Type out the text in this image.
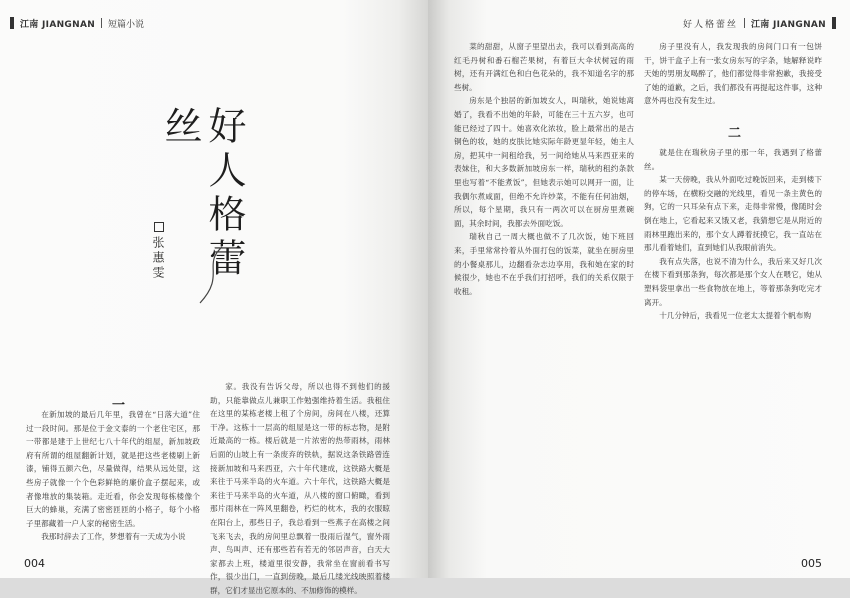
江南 JIANGNAN 短篇小说
好人格蕾丝
张惠雯
一

在新加坡的最后几年里，我曾在“日落大道”住过一段时间。那是位于金文泰的一个老住宅区，那一带都是建于上世纪七八十年代的组屋，新加坡政府有所谓的组屋翻新计划，就是把这些老楼刷上新漆，铺得五颜六色，尽量做得，结果从远处望，这些房子就像一个个色彩鲜艳的廉价盒子摆起来，或者像堆放的集装箱。走近看，你会发现每栋楼像个巨大的蜂巢，充满了密密匝匝的小格子，每个小格子里都藏着一户人家的秘密生活。

我那时辞去了工作，梦想着有一天成为小说

家。我没有告诉父母，所以也得不到他们的援助，只能靠做点儿兼职工作勉强维持着生活。我租住在这里的某栋老楼上租了个房间，房间在八楼，还算干净。这栋十一层高的组屋是这一带的标志物，是附近最高的一栋。楼后就是一片浓密的热带雨林，雨林后面的山坡上有一条废弃的铁轨，据说这条铁路曾连接新加坡和马来西亚，六十年代建成，这铁路大概是来往于马来半岛的火车道。六十年代，这铁路大概是来往于马来半岛的火车道，从八楼的窗口俯瞰，看到那片雨林在一阵风里翻卷，朽烂的枕木，我的衣服晾在阳台上，那些日子，我总看到一些燕子在高楼之间飞来飞去，我的房间里总飘着一股雨后湿气，窗外雨声、鸟叫声、还有那些若有若无的邻居声音，白天大家都去上班，楼道里很安静，我常坐在窗前看书写作，很少出门，一直到傍晚，最后几缕光线映照着楼群，它们才显出它原本的、不加修饰的模样。

004
好人格蕾丝 江南 JIANGNAN

菜的甜甜，从窗子里望出去，我可以看到高高的红毛丹树和番石榴芒果树，有着巨大伞状树冠的雨树，还有开满红色和白色花朵的，我不知道名字的那些树。

房东是个独居的新加坡女人，叫瑞秋，她说她离婚了，我看不出她的年龄，可能在三十五六岁，也可能已经过了四十。她喜欢化浓妆，脸上最常出的是古铜色的妆，她的皮肤比她实际年龄更显年轻，她主人房，把其中一间租给我，另一间给她从马来西亚来的表妹住，和大多数新加坡房东一样，瑞秋的租约条款里也写着“不能煮饭”，但她表示她可以网开一面，让我偶尔煮咸面，但绝不允许炒菜，不能有任何油烟，所以，每个星期，我只有一两次可以在厨房里煮碗面，其余时间，我都去外面吃饭。

瑞秋自己一周大概也做不了几次饭，她下班回来，手里常常拎着从外面打包的饭菜，就坐在厨房里的小餐桌那儿，边翻看杂志边享用，我和她在家的时候很少，她也不在乎我们打招呼，我们的关系仅限于收租。

房子里没有人，我发现我的房间门口有一包饼干，饼干盒子上有一张女房东写的字条，她解释说昨天她的男朋友喝醉了，他们都觉得非常抱歉，我接受了她的道歉，之后，我们都没有再提起这件事，这种意外再也没有发生过。

二

就是住在瑞秋房子里的那一年，我遇到了格蕾丝。

某一天傍晚，我从外面吃过晚饭回来，走到楼下的停车场，在横粉交融的光线里，看见一条主黄色的狗，它的一只耳朵有点下来，走得非常慢，像随时会倒在地上，它看起来又饿又老，我猜想它是从附近的雨林里跑出来的，那个女人蹲着抚摸它，我一直站在那儿看着她们，直到她们从我眼前消失。

我有点失落，也说不清为什么，我后来又好几次在楼下看到那条狗，每次都是那个女人在喂它，她从塑料袋里拿出一些食物放在地上，等着那条狗吃完才离开。

十几分钟后，我看见一位老太太提着个帆布购

005
